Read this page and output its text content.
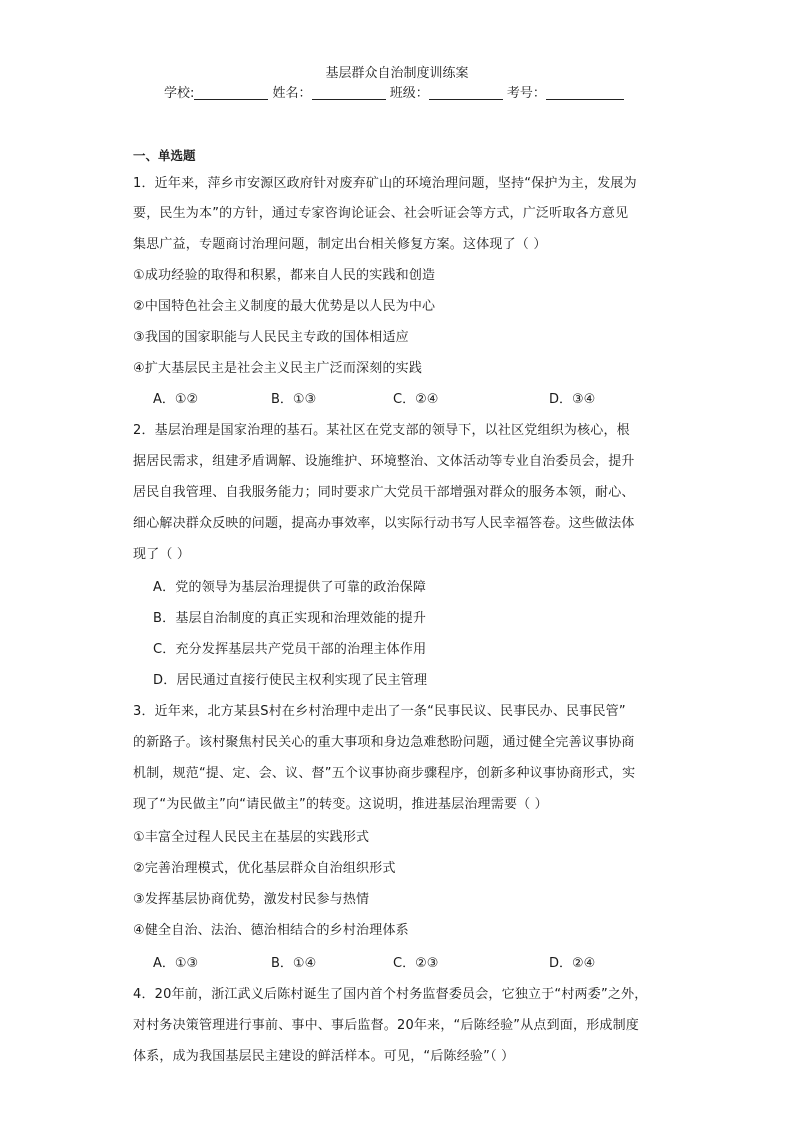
基层群众自治制度训练案
学校:	姓名：	班级：	考号：
一、单选题
1．近年来，萍乡市安源区政府针对废弃矿山的环境治理问题，坚持“保护为主，发展为
要，民生为本”的方针，通过专家咨询论证会、社会听证会等方式，广泛听取各方意见
集思广益，专题商讨治理问题，制定出台相关修复方案。这体现了（ ）
①成功经验的取得和积累，都来自人民的实践和创造
②中国特色社会主义制度的最大优势是以人民为中心
③我国的国家职能与人民民主专政的国体相适应
④扩大基层民主是社会主义民主广泛而深刻的实践
A．①②	B．①③	C．②④	D．③④
2．基层治理是国家治理的基石。某社区在党支部的领导下，以社区党组织为核心，根
据居民需求，组建矛盾调解、设施维护、环境整治、文体活动等专业自治委员会，提升
居民自我管理、自我服务能力；同时要求广大党员干部增强对群众的服务本领，耐心、
细心解决群众反映的问题，提高办事效率，以实际行动书写人民幸福答卷。这些做法体
现了（ ）
A．党的领导为基层治理提供了可靠的政治保障
B．基层自治制度的真正实现和治理效能的提升
C．充分发挥基层共产党员干部的治理主体作用
D．居民通过直接行使民主权利实现了民主管理
3．近年来，北方某县S村在乡村治理中走出了一条“民事民议、民事民办、民事民管”
的新路子。该村聚焦村民关心的重大事项和身边急难愁盼问题，通过健全完善议事协商
机制，规范“提、定、会、议、督”五个议事协商步骤程序，创新多种议事协商形式，实
现了“为民做主”向“请民做主”的转变。这说明，推进基层治理需要（ ）
①丰富全过程人民民主在基层的实践形式
②完善治理模式，优化基层群众自治组织形式
③发挥基层协商优势，激发村民参与热情
④健全自治、法治、德治相结合的乡村治理体系
A．①③	B．①④	C．②③	D．②④
4．20年前，浙江武义后陈村诞生了国内首个村务监督委员会，它独立于“村两委”之外，
对村务决策管理进行事前、事中、事后监督。20年来，“后陈经验”从点到面，形成制度
体系，成为我国基层民主建设的鲜活样本。可见，“后陈经验”（ ）
